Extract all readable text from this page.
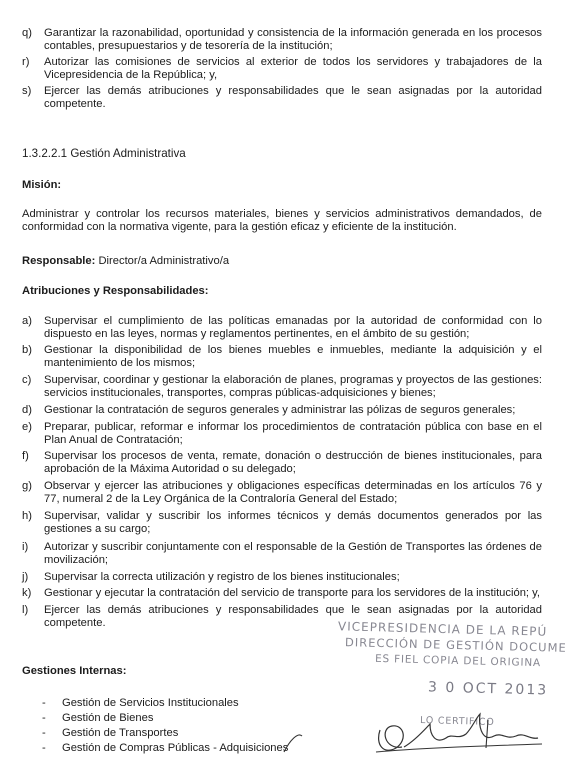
q)	Garantizar la razonabilidad, oportunidad y consistencia de la información generada en los procesos contables, presupuestarios y de tesorería de la institución;
r)	Autorizar las comisiones de servicios al exterior de todos los servidores y trabajadores de la Vicepresidencia de la República; y,
s)	Ejercer las demás atribuciones y responsabilidades que le sean asignadas por la autoridad competente.
1.3.2.2.1 Gestión Administrativa
Misión:
Administrar y controlar los recursos materiales, bienes y servicios administrativos demandados, de conformidad con la normativa vigente, para la gestión eficaz y eficiente de la institución.
Responsable: Director/a Administrativo/a
Atribuciones y Responsabilidades:
a)	Supervisar el cumplimiento de las políticas emanadas por la autoridad de conformidad con lo dispuesto en las leyes, normas y reglamentos pertinentes, en el ámbito de su gestión;
b)	Gestionar la disponibilidad de los bienes muebles e inmuebles, mediante la adquisición y el mantenimiento de los mismos;
c)	Supervisar, coordinar y gestionar la elaboración de planes, programas y proyectos de las gestiones: servicios institucionales, transportes, compras públicas-adquisiciones y bienes;
d)	Gestionar la contratación de seguros generales y administrar las pólizas de seguros generales;
e)	Preparar, publicar, reformar e informar los procedimientos de contratación pública con base en el Plan Anual de Contratación;
f)	Supervisar los procesos de venta, remate, donación o destrucción de bienes institucionales, para aprobación de la Máxima Autoridad o su delegado;
g)	Observar y ejercer las atribuciones y obligaciones específicas determinadas en los artículos 76 y 77, numeral 2 de la Ley Orgánica de la Contraloría General del Estado;
h)	Supervisar, validar y suscribir los informes técnicos y demás documentos generados por las gestiones a su cargo;
i)	Autorizar y suscribir conjuntamente con el responsable de la Gestión de Transportes las órdenes de movilización;
j)	Supervisar la correcta utilización y registro de los bienes institucionales;
k)	Gestionar y ejecutar la contratación del servicio de transporte para los servidores de la institución; y,
l)	Ejercer las demás atribuciones y responsabilidades que le sean asignadas por la autoridad competente.
Gestiones Internas:
-	Gestión de Servicios Institucionales
-	Gestión de Bienes
-	Gestión de Transportes
-	Gestión de Compras Públicas - Adquisiciones
VICEPRESIDENCIA DE LA REPÚ
DIRECCIÓN DE GESTIÓN DOCUME
ES FIEL COPIA DEL ORIGINA
3 0 OCT 2013
LO CERTIFICO
